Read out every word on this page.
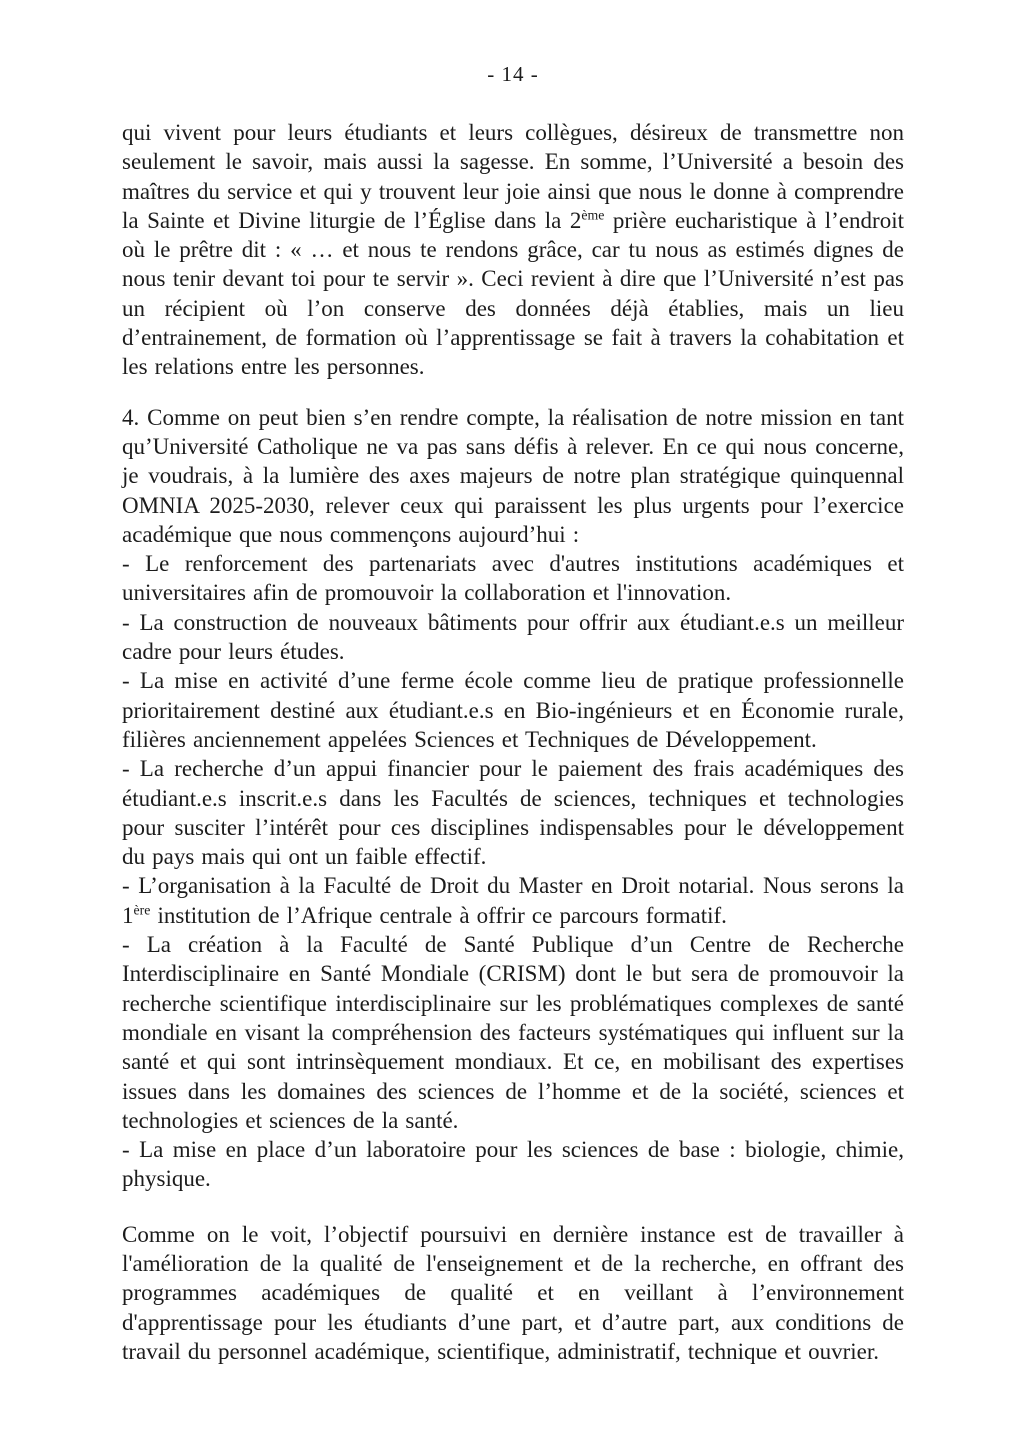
- 14 -

qui vivent pour leurs étudiants et leurs collègues, désireux de transmettre non seulement le savoir, mais aussi la sagesse. En somme, l’Université a besoin des maîtres du service et qui y trouvent leur joie ainsi que nous le donne à comprendre la Sainte et Divine liturgie de l’Église dans la 2ème prière eucharistique à l’endroit où le prêtre dit : « … et nous te rendons grâce, car tu nous as estimés dignes de nous tenir devant toi pour te servir ». Ceci revient à dire que l’Université n’est pas un récipient où l’on conserve des données déjà établies, mais un lieu d’entrainement, de formation où l’apprentissage se fait à travers la cohabitation et les relations entre les personnes.

4. Comme on peut bien s’en rendre compte, la réalisation de notre mission en tant qu’Université Catholique ne va pas sans défis à relever. En ce qui nous concerne, je voudrais, à la lumière des axes majeurs de notre plan stratégique quinquennal OMNIA 2025-2030, relever ceux qui paraissent les plus urgents pour l’exercice académique que nous commençons aujourd’hui :

- Le renforcement des partenariats avec d'autres institutions académiques et universitaires afin de promouvoir la collaboration et l'innovation.

- La construction de nouveaux bâtiments pour offrir aux étudiant.e.s un meilleur cadre pour leurs études.

- La mise en activité d’une ferme école comme lieu de pratique professionnelle prioritairement destiné aux étudiant.e.s en Bio-ingénieurs et en Économie rurale, filières anciennement appelées Sciences et Techniques de Développement.

- La recherche d’un appui financier pour le paiement des frais académiques des étudiant.e.s inscrit.e.s dans les Facultés de sciences, techniques et technologies pour susciter l’intérêt pour ces disciplines indispensables pour le développement du pays mais qui ont un faible effectif.

- L’organisation à la Faculté de Droit du Master en Droit notarial. Nous serons la 1ère institution de l’Afrique centrale à offrir ce parcours formatif.

- La création à la Faculté de Santé Publique d’un Centre de Recherche Interdisciplinaire en Santé Mondiale (CRISM) dont le but sera de promouvoir la recherche scientifique interdisciplinaire sur les problématiques complexes de santé mondiale en visant la compréhension des facteurs systématiques qui influent sur la santé et qui sont intrinsèquement mondiaux. Et ce, en mobilisant des expertises issues dans les domaines des sciences de l’homme et de la société, sciences et technologies et sciences de la santé.

- La mise en place d’un laboratoire pour les sciences de base : biologie, chimie, physique.

Comme on le voit, l’objectif poursuivi en dernière instance est de travailler à l'amélioration de la qualité de l'enseignement et de la recherche, en offrant des programmes académiques de qualité et en veillant à l’environnement d'apprentissage pour les étudiants d’une part, et d’autre part, aux conditions de travail du personnel académique, scientifique, administratif, technique et ouvrier.
